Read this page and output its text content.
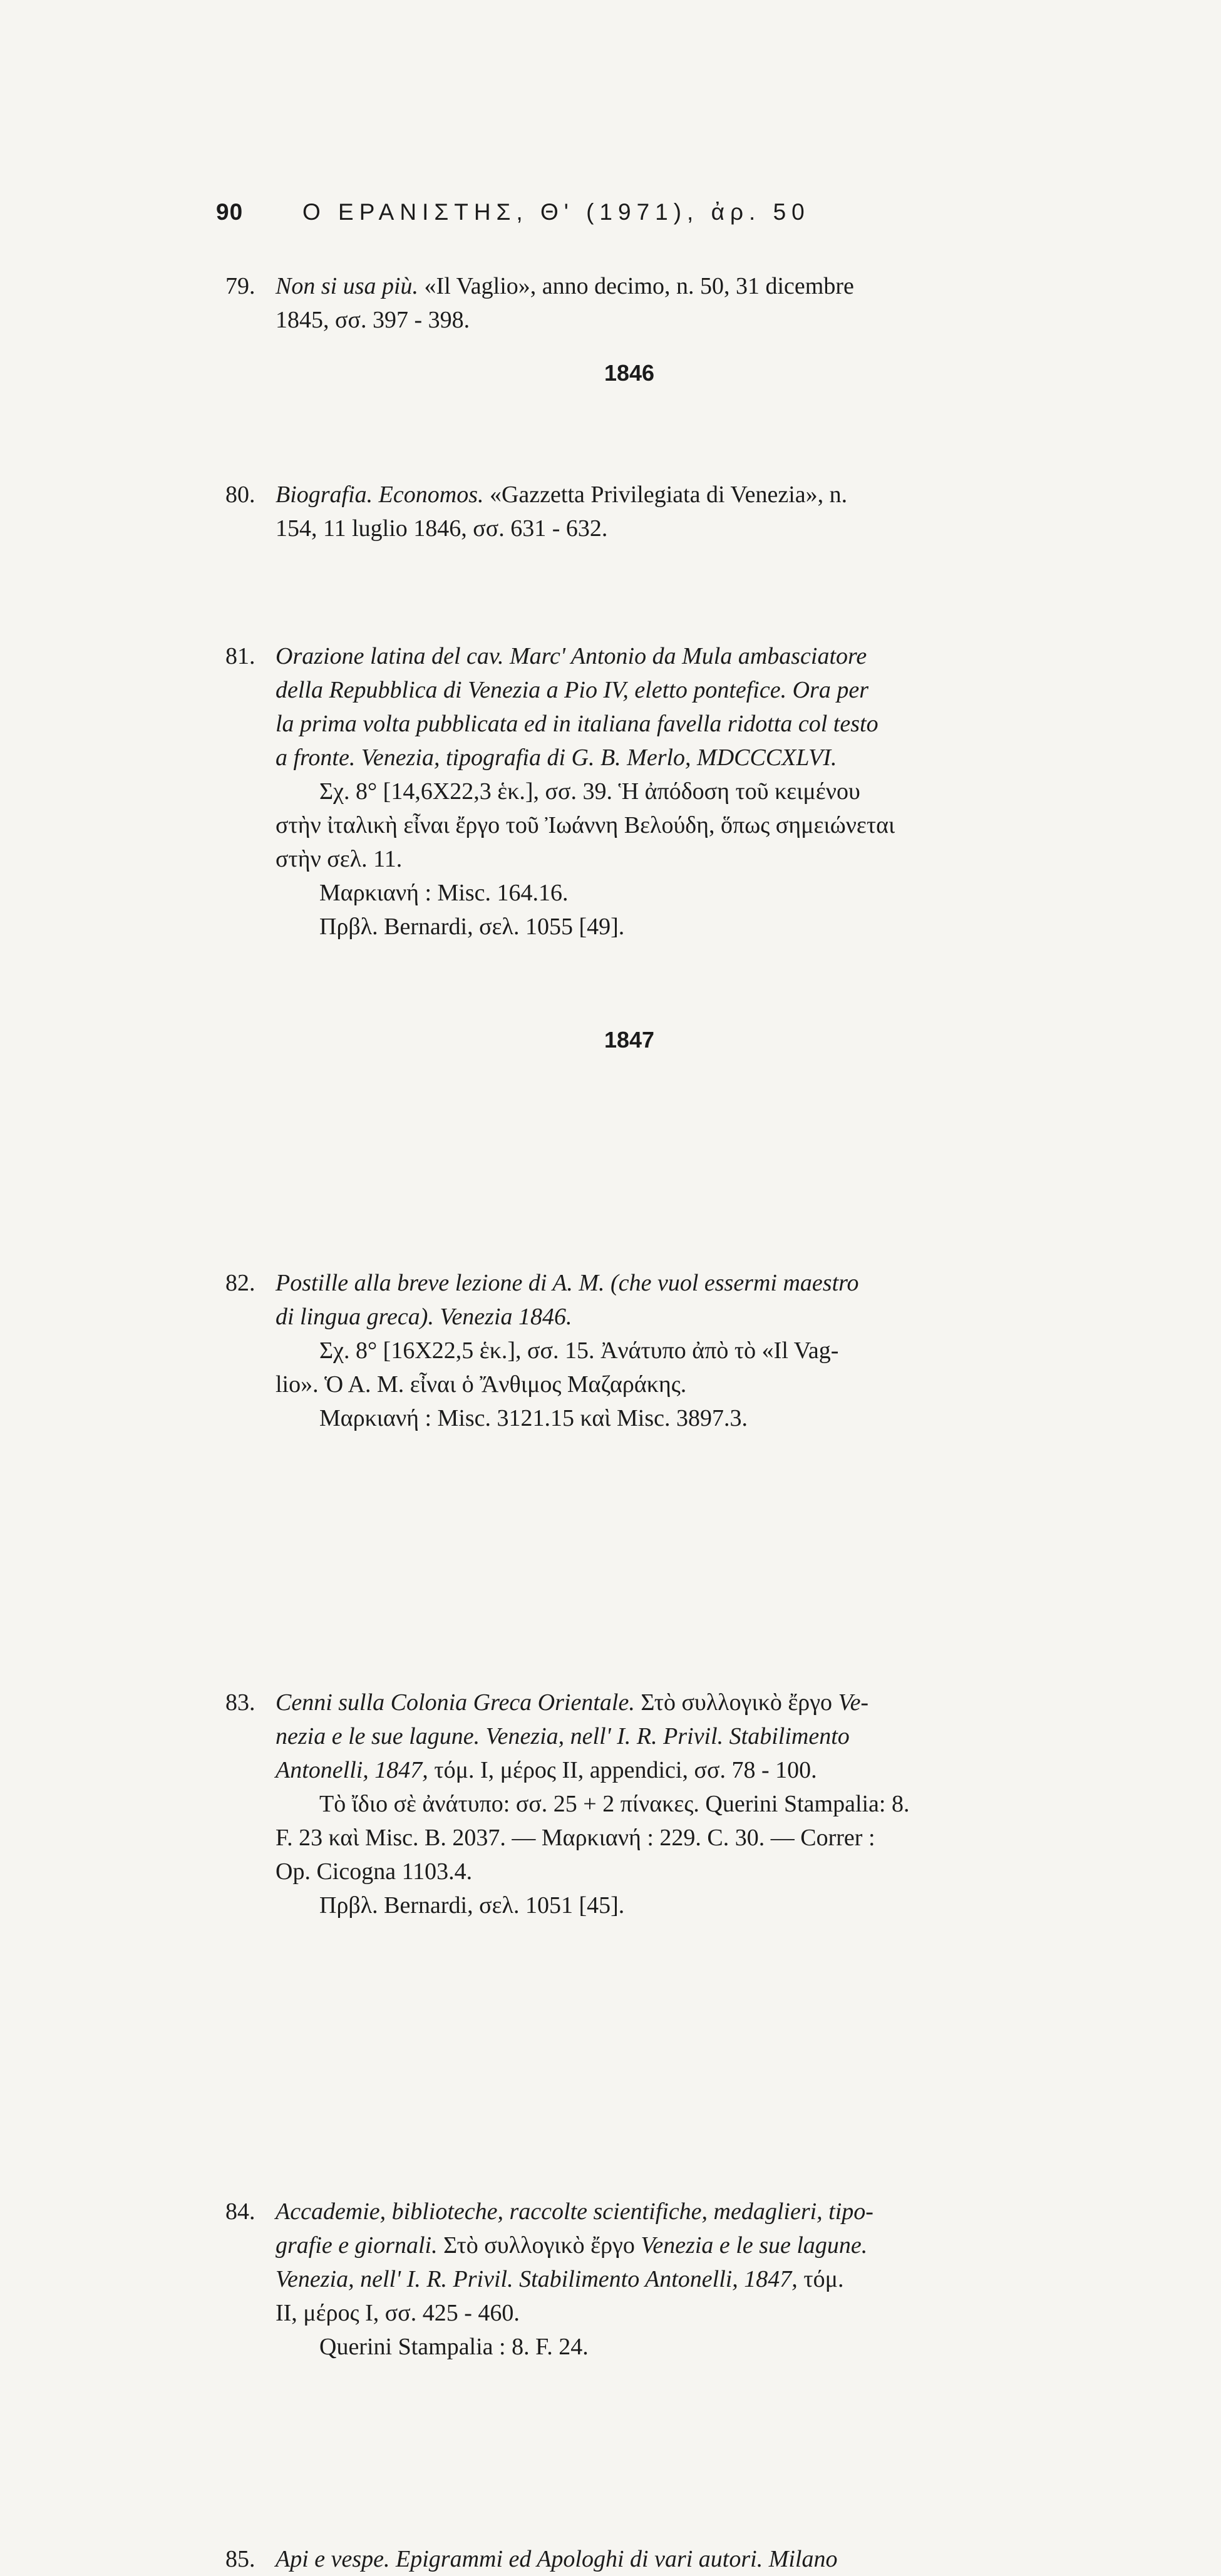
90	Ο ΕΡΑΝΙΣΤΗΣ, Θ' (1971), ἀρ. 50
79. Non si usa più. «Il Vaglio», anno decimo, n. 50, 31 dicembre
1845, σσ. 397 - 398.
1846
80. Biografia. Economos. «Gazzetta Privilegiata di Venezia», n.
154, 11 luglio 1846, σσ. 631 - 632.
81. Orazione latina del cav. Marc' Antonio da Mula ambasciatore
della Repubblica di Venezia a Pio IV, eletto pontefice. Ora per
la prima volta pubblicata ed in italiana favella ridotta col testo
a fronte. Venezia, tipografia di G. B. Merlo, MDCCCXLVI.
Σχ. 8° [14,6X22,3 ἑκ.], σσ. 39. Ἡ ἀπόδοση τοῦ κειμένου
στὴν ἰταλικὴ εἶναι ἔργο τοῦ Ἰωάννη Βελούδη, ὅπως σημειώνεται
στὴν σελ. 11.
Μαρκιανή : Misc. 164.16.
Πρβλ. Bernardi, σελ. 1055 [49].
82. Postille alla breve lezione di A. M. (che vuol essermi maestro
di lingua greca). Venezia 1846.
Σχ. 8° [16X22,5 ἑκ.], σσ. 15. Ἀνάτυπο ἀπὸ τὸ «Il Vag-
lio». Ὁ Α. Μ. εἶναι ὁ Ἄνθιμος Μαζαράκης.
Μαρκιανή : Misc. 3121.15 καὶ Misc. 3897.3.
1847
83. Cenni sulla Colonia Greca Orientale. Στὸ συλλογικὸ ἔργο Ve-
nezia e le sue lagune. Venezia, nell' I. R. Privil. Stabilimento
Antonelli, 1847, τόμ. I, μέρος II, appendici, σσ. 78 - 100.
Τὸ ἴδιο σὲ ἀνάτυπο: σσ. 25 + 2 πίνακες. Querini Stampalia: 8.
F. 23 καὶ Misc. B. 2037. — Μαρκιανή : 229. C. 30. — Correr :
Op. Cicogna 1103.4.
Πρβλ. Bernardi, σελ. 1051 [45].
84. Accademie, biblioteche, raccolte scientifiche, medaglieri, tipo-
grafie e giornali. Στὸ συλλογικὸ ἔργο Venezia e le sue lagune.
Venezia, nell' I. R. Privil. Stabilimento Antonelli, 1847, τόμ.
II, μέρος I, σσ. 425 - 460.
Querini Stampalia : 8. F. 24.
85. Api e vespe. Epigrammi ed Apologhi di vari autori. Milano
